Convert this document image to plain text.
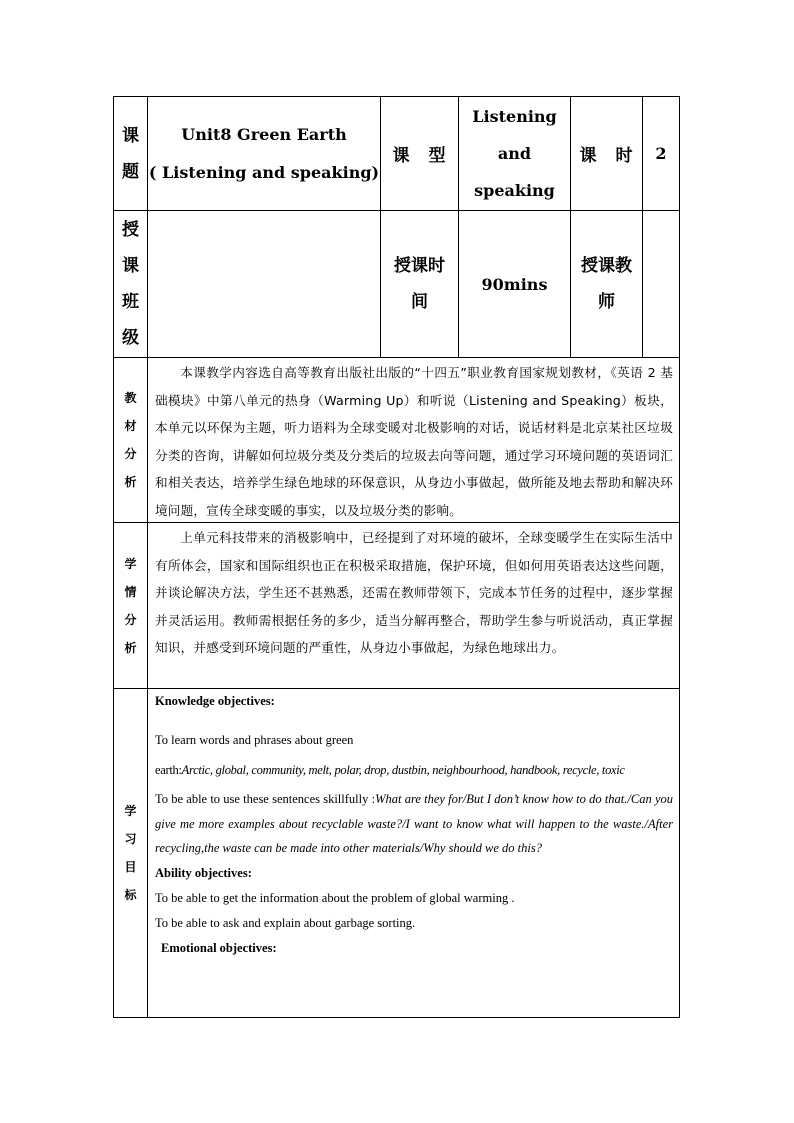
课
题
Unit8 Green Earth
( Listening and speaking)
课　型
Listening
and
speaking
课　时	2
授
课
班
级
授课时
间
90mins
授课教
师
教
材
分
析
本课教学内容选自高等教育出版社出版的“十四五”职业教育国家规划教材，《英语 2 基础模块》中第八单元的热身（Warming Up）和听说（Listening and Speaking）板块，本单元以环保为主题，听力语料为全球变暖对北极影响的对话，说话材料是北京某社区垃圾分类的咨询，讲解如何垃圾分类及分类后的垃圾去向等问题，通过学习环境问题的英语词汇和相关表达，培养学生绿色地球的环保意识，从身边小事做起，做所能及地去帮助和解决环境问题，宣传全球变暖的事实，以及垃圾分类的影响。
学
情
分
析
上单元科技带来的消极影响中，已经提到了对环境的破坏，全球变暖学生在实际生活中有所体会，国家和国际组织也正在积极采取措施，保护环境，但如何用英语表达这些问题，并谈论解决方法，学生还不甚熟悉，还需在教师带领下，完成本节任务的过程中，逐步掌握并灵活运用。教师需根据任务的多少，适当分解再整合，帮助学生参与听说活动，真正掌握知识，并感受到环境问题的严重性，从身边小事做起，为绿色地球出力。
学
习
目
标
Knowledge objectives:
To learn words and phrases about green
earth:Arctic, global, community, melt, polar, drop, dustbin, neighbourhood, handbook, recycle, toxic
To be able to use these sentences skillfully :What are they for/But I don’t know how to do that./Can you give me more examples about recyclable waste?/I want to know what will happen to the waste./After recycling,the waste can be made into other materials/Why should we do this?
Ability objectives:
To be able to get the information about the problem of global warming .
To be able to ask and explain about garbage sorting.
Emotional objectives:
